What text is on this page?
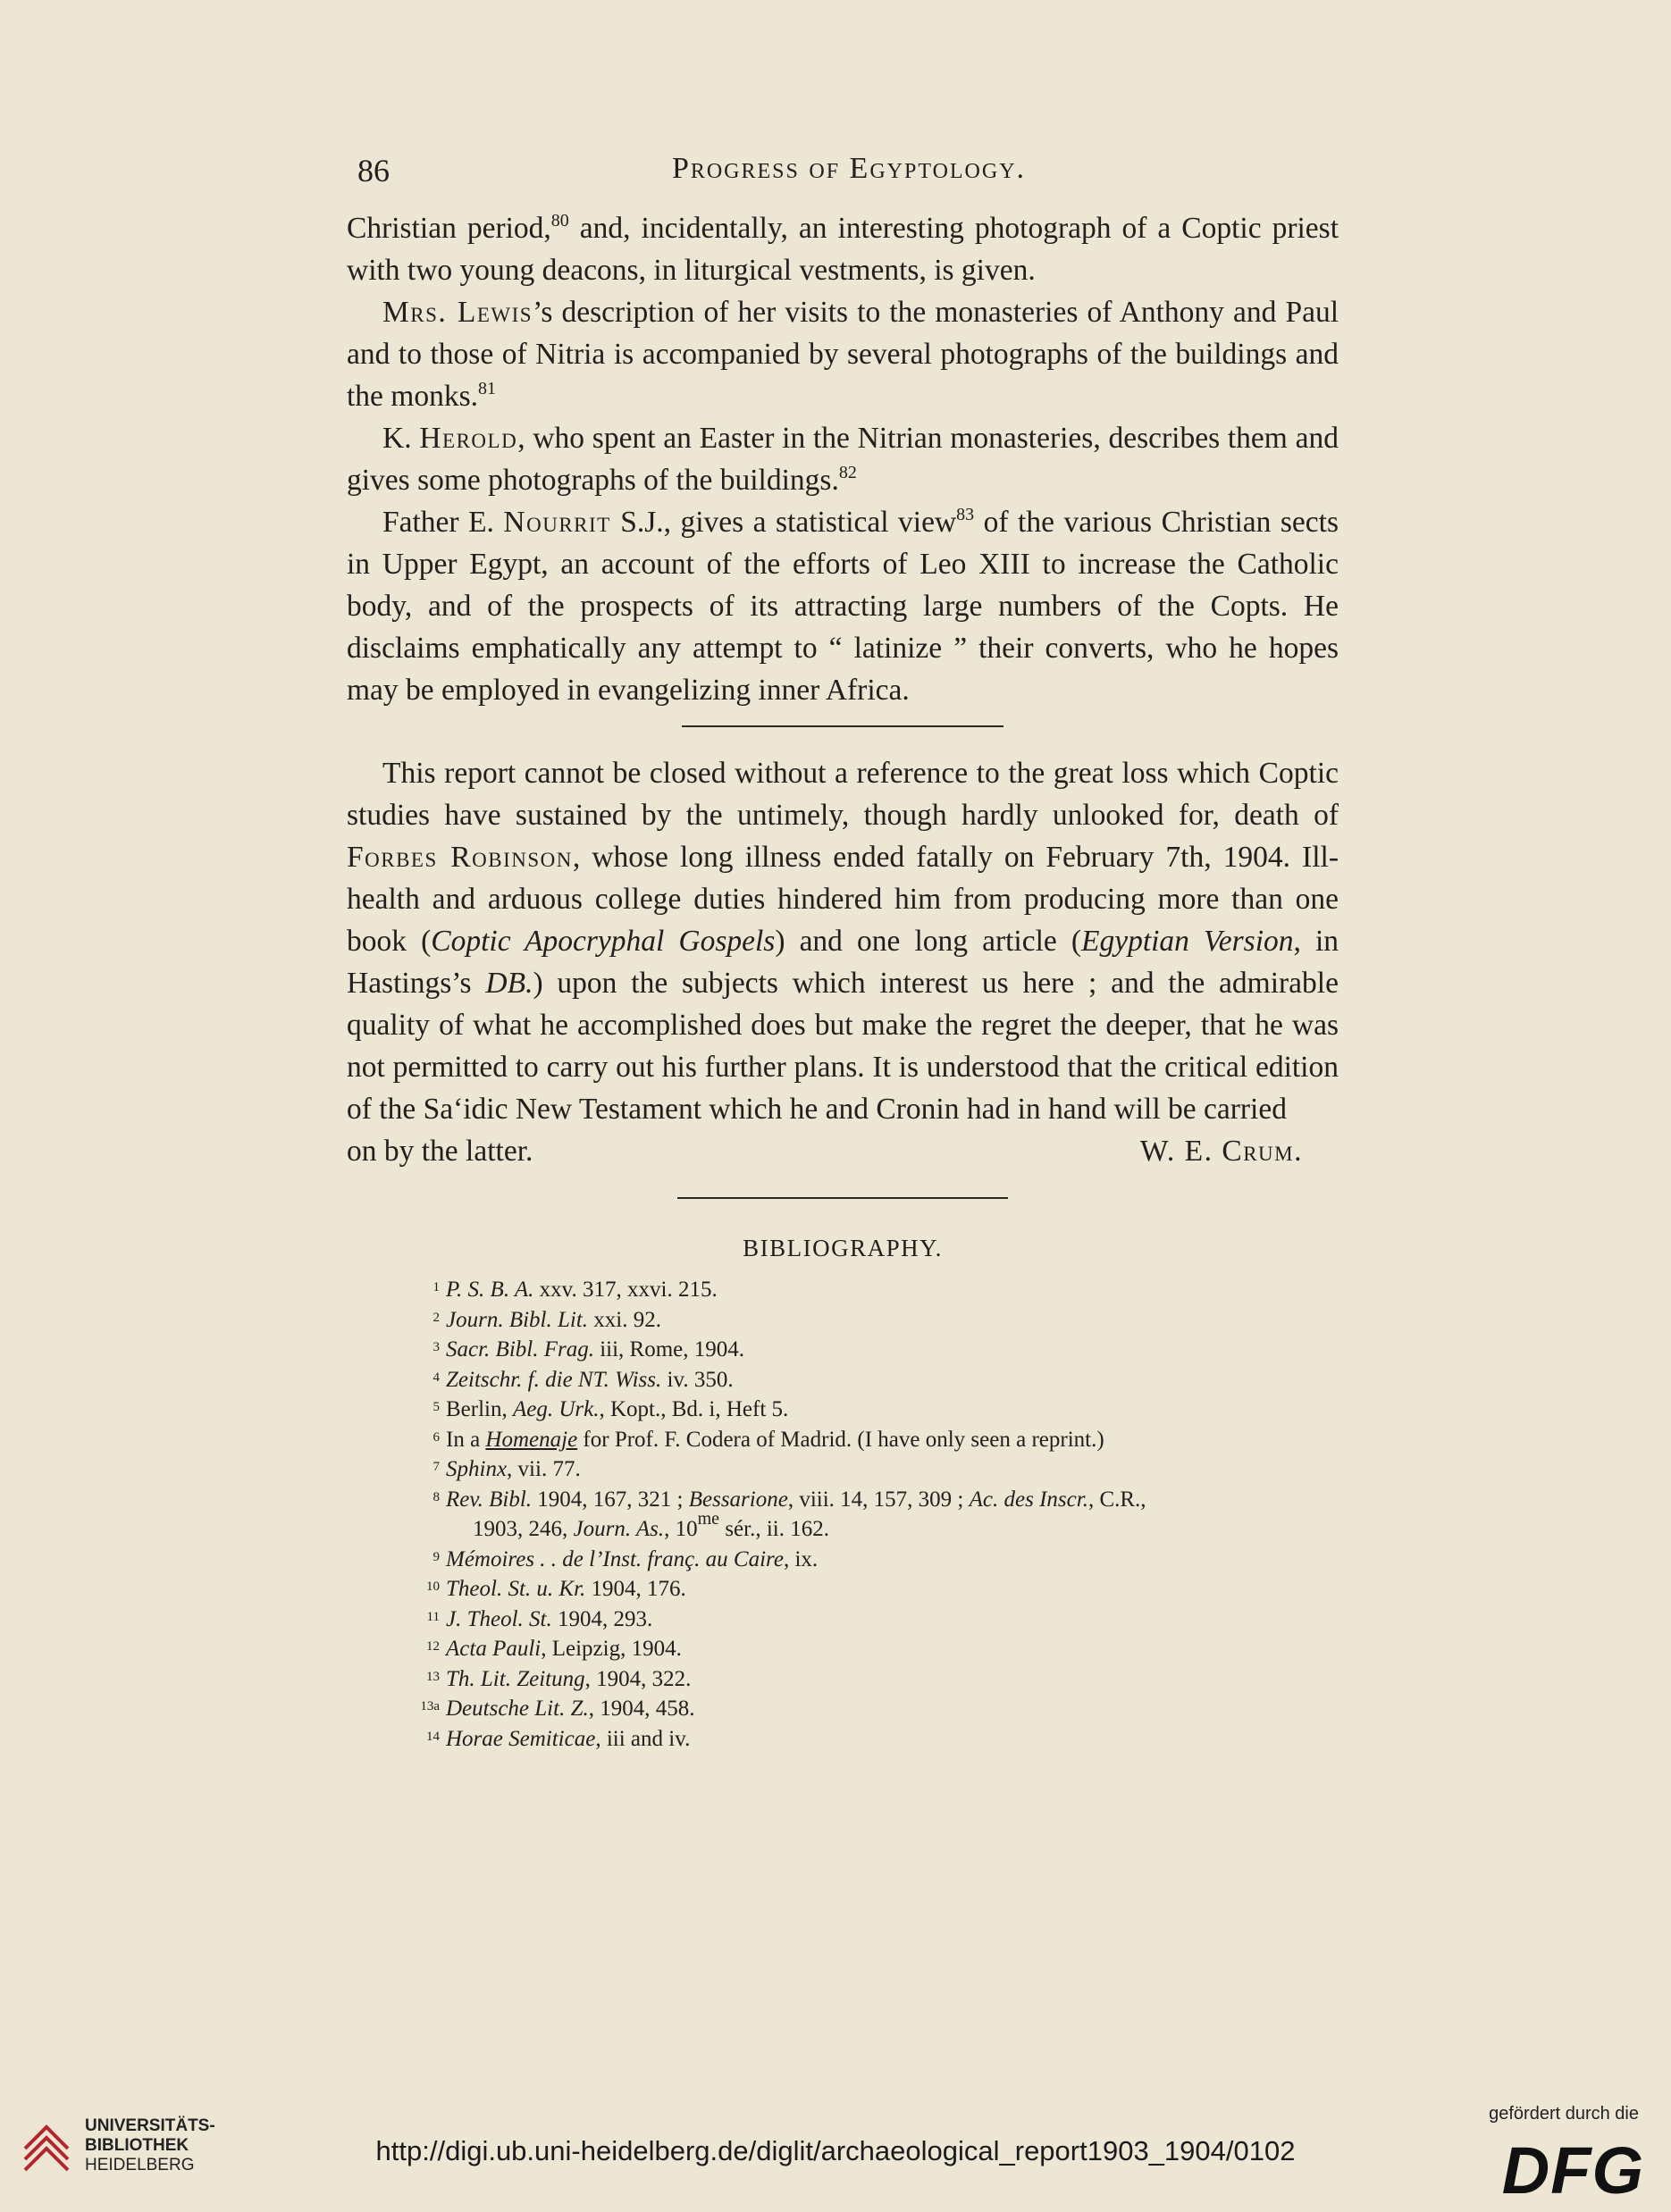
86	Progress of Egyptology.

Christian period,$^{80}$ and, incidentally, an interesting photograph of a Coptic priest with two young deacons, in liturgical vestments, is given.

Mrs. Lewis’s description of her visits to the monasteries of Anthony and Paul and to those of Nitria is accompanied by several photographs of the buildings and the monks.$^{81}$

K. Herold, who spent an Easter in the Nitrian monasteries, describes them and gives some photographs of the buildings.$^{82}$

Father E. Nourrit S.J., gives a statistical view$^{83}$ of the various Christian sects in Upper Egypt, an account of the efforts of Leo XIII to increase the Catholic body, and of the prospects of its attracting large numbers of the Copts. He disclaims emphatically any attempt to “ latinize ” their converts, who he hopes may be employed in evangelizing inner Africa.

This report cannot be closed without a reference to the great loss which Coptic studies have sustained by the untimely, though hardly unlooked for, death of Forbes Robinson, whose long illness ended fatally on February 7th, 1904. Ill-health and arduous college duties hindered him from producing more than one book (Coptic Apocryphal Gospels) and one long article (Egyptian Version, in Hastings’s DB.) upon the subjects which interest us here ; and the admirable quality of what he accomplished does but make the regret the deeper, that he was not permitted to carry out his further plans. It is understood that the critical edition of the Sa‘idic New Testament which he and Cronin had in hand will be carried

on by the latter.	W. E. Crum.

BIBLIOGRAPHY.
1 P. S. B. A. xxv. 317, xxvi. 215.
2 Journ. Bibl. Lit. xxi. 92.
3 Sacr. Bibl. Frag. iii, Rome, 1904.
4 Zeitschr. f. die NT. Wiss. iv. 350.
5 Berlin, Aeg. Urk., Kopt., Bd. i, Heft 5.
6 In a Homenaje for Prof. F. Codera of Madrid. (I have only seen a reprint.)
7 Sphinx, vii. 77.
8 Rev. Bibl. 1904, 167, 321 ; Bessarione, viii. 14, 157, 309 ; Ac. des Inscr., C.R.,
1903, 246, Journ. As., $10^{me}$ sér., ii. 162.
9 Mémoires . . de l’Inst. franç. au Caire, ix.
10 Theol. St. u. Kr. 1904, 176.
11 J. Theol. St. 1904, 293.
12 Acta Pauli, Leipzig, 1904.
13 Th. Lit. Zeitung, 1904, 322.
13a Deutsche Lit. Z., 1904, 458.
14 Horae Semiticae, iii and iv.
UNIVERSITÄTS-
BIBLIOTHEK
HEIDELBERG	http://digi.ub.uni-heidelberg.de/diglit/archaeological_report1903_1904/0102
gefördert durch die
DFG
